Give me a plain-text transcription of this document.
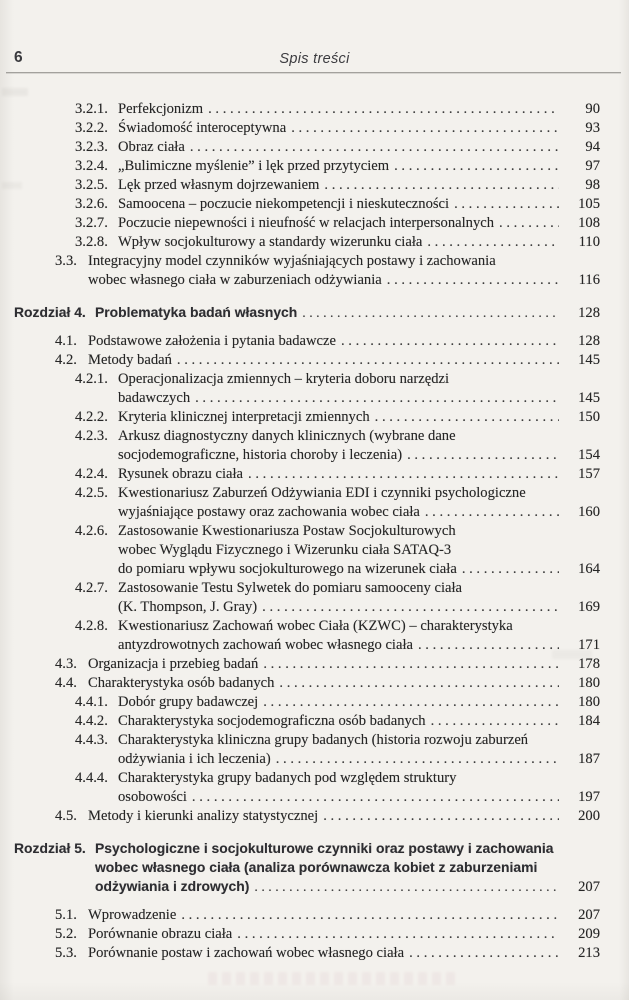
6	Spis treści
3.2.1. Perfekcjonizm . . .	90
3.2.2. Świadomość interoceptywna . . .	93
3.2.3. Obraz ciała . . .	94
3.2.4. „Bulimiczne myślenie” i lęk przed przytyciem . . .	97
3.2.5. Lęk przed własnym dojrzewaniem . . .	98
3.2.6. Samoocena – poczucie niekompetencji i nieskuteczności . . .	105
3.2.7. Poczucie niepewności i nieufność w relacjach interpersonalnych . . .	108
3.2.8. Wpływ socjokulturowy a standardy wizerunku ciała . . .	110
3.3. Integracyjny model czynników wyjaśniających postawy i zachowania
wobec własnego ciała w zaburzeniach odżywiania . . .	116
Rozdział 4. Problematyka badań własnych . . .	128
4.1. Podstawowe założenia i pytania badawcze . . .	128
4.2. Metody badań . . .	145
4.2.1. Operacjonalizacja zmiennych – kryteria doboru narzędzi
badawczych . . .	145
4.2.2. Kryteria klinicznej interpretacji zmiennych . . .	150
4.2.3. Arkusz diagnostyczny danych klinicznych (wybrane dane
socjodemograficzne, historia choroby i leczenia) . . .	154
4.2.4. Rysunek obrazu ciała . . .	157
4.2.5. Kwestionariusz Zaburzeń Odżywiania EDI i czynniki psychologiczne
wyjaśniające postawy oraz zachowania wobec ciała . . .	160
4.2.6. Zastosowanie Kwestionariusza Postaw Socjokulturowych
wobec Wyglądu Fizycznego i Wizerunku ciała SATAQ-3
do pomiaru wpływu socjokulturowego na wizerunek ciała . . .	164
4.2.7. Zastosowanie Testu Sylwetek do pomiaru samooceny ciała
(K. Thompson, J. Gray) . . .	169
4.2.8. Kwestionariusz Zachowań wobec Ciała (KZWC) – charakterystyka
antyzdrowotnych zachowań wobec własnego ciała . . .	171
4.3. Organizacja i przebieg badań . . .	178
4.4. Charakterystyka osób badanych . . .	180
4.4.1. Dobór grupy badawczej . . .	180
4.4.2. Charakterystyka socjodemograficzna osób badanych . . .	184
4.4.3. Charakterystyka kliniczna grupy badanych (historia rozwoju zaburzeń
odżywiania i ich leczenia) . . .	187
4.4.4. Charakterystyka grupy badanych pod względem struktury
osobowości . . .	197
4.5. Metody i kierunki analizy statystycznej . . .	200
Rozdział 5. Psychologiczne i socjokulturowe czynniki oraz postawy i zachowania
wobec własnego ciała (analiza porównawcza kobiet z zaburzeniami
odżywiania i zdrowych) . . .	207
5.1. Wprowadzenie . . .	207
5.2. Porównanie obrazu ciała . . .	209
5.3. Porównanie postaw i zachowań wobec własnego ciała . . .	213
